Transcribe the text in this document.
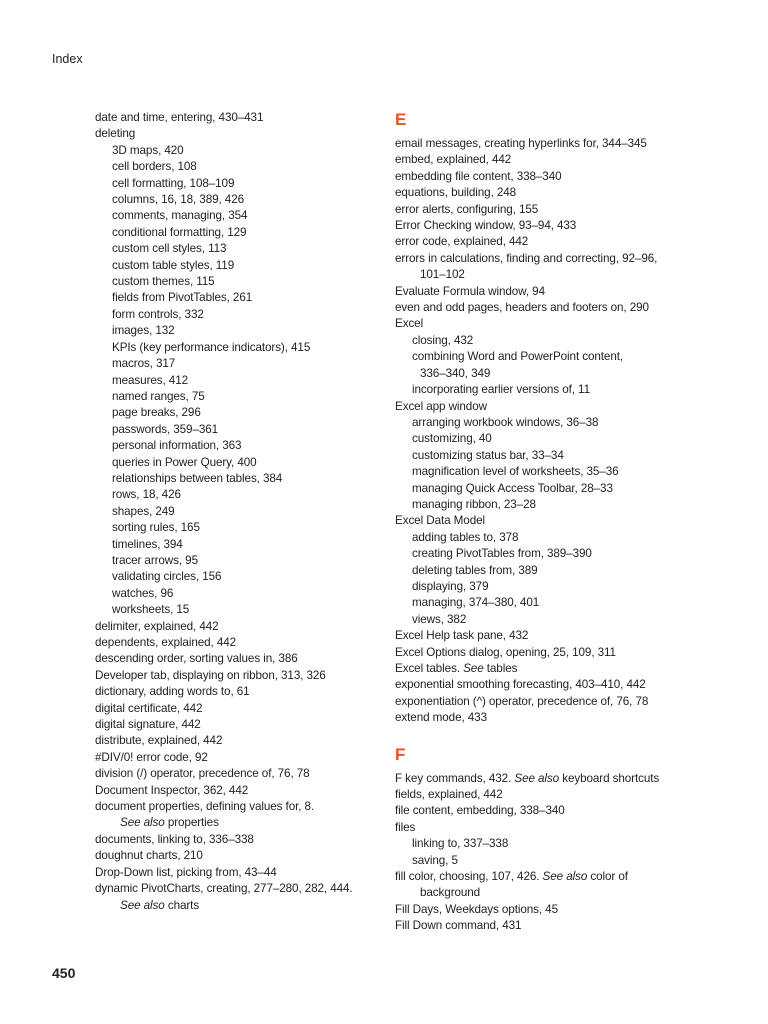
Index
date and time, entering, 430–431
deleting
3D maps, 420
cell borders, 108
cell formatting, 108–109
columns, 16, 18, 389, 426
comments, managing, 354
conditional formatting, 129
custom cell styles, 113
custom table styles, 119
custom themes, 115
fields from PivotTables, 261
form controls, 332
images, 132
KPIs (key performance indicators), 415
macros, 317
measures, 412
named ranges, 75
page breaks, 296
passwords, 359–361
personal information, 363
queries in Power Query, 400
relationships between tables, 384
rows, 18, 426
shapes, 249
sorting rules, 165
timelines, 394
tracer arrows, 95
validating circles, 156
watches, 96
worksheets, 15
delimiter, explained, 442
dependents, explained, 442
descending order, sorting values in, 386
Developer tab, displaying on ribbon, 313, 326
dictionary, adding words to, 61
digital certificate, 442
digital signature, 442
distribute, explained, 442
#DIV/0! error code, 92
division (/) operator, precedence of, 76, 78
Document Inspector, 362, 442
document properties, defining values for, 8.
See also properties
documents, linking to, 336–338
doughnut charts, 210
Drop-Down list, picking from, 43–44
dynamic PivotCharts, creating, 277–280, 282, 444.
See also charts
E
email messages, creating hyperlinks for, 344–345
embed, explained, 442
embedding file content, 338–340
equations, building, 248
error alerts, configuring, 155
Error Checking window, 93–94, 433
error code, explained, 442
errors in calculations, finding and correcting, 92–96,
101–102
Evaluate Formula window, 94
even and odd pages, headers and footers on, 290
Excel
closing, 432
combining Word and PowerPoint content,
336–340, 349
incorporating earlier versions of, 11
Excel app window
arranging workbook windows, 36–38
customizing, 40
customizing status bar, 33–34
magnification level of worksheets, 35–36
managing Quick Access Toolbar, 28–33
managing ribbon, 23–28
Excel Data Model
adding tables to, 378
creating PivotTables from, 389–390
deleting tables from, 389
displaying, 379
managing, 374–380, 401
views, 382
Excel Help task pane, 432
Excel Options dialog, opening, 25, 109, 311
Excel tables. See tables
exponential smoothing forecasting, 403–410, 442
exponentiation (^) operator, precedence of, 76, 78
extend mode, 433
F
F key commands, 432. See also keyboard shortcuts
fields, explained, 442
file content, embedding, 338–340
files
linking to, 337–338
saving, 5
fill color, choosing, 107, 426. See also color of
background
Fill Days, Weekdays options, 45
Fill Down command, 431
450
